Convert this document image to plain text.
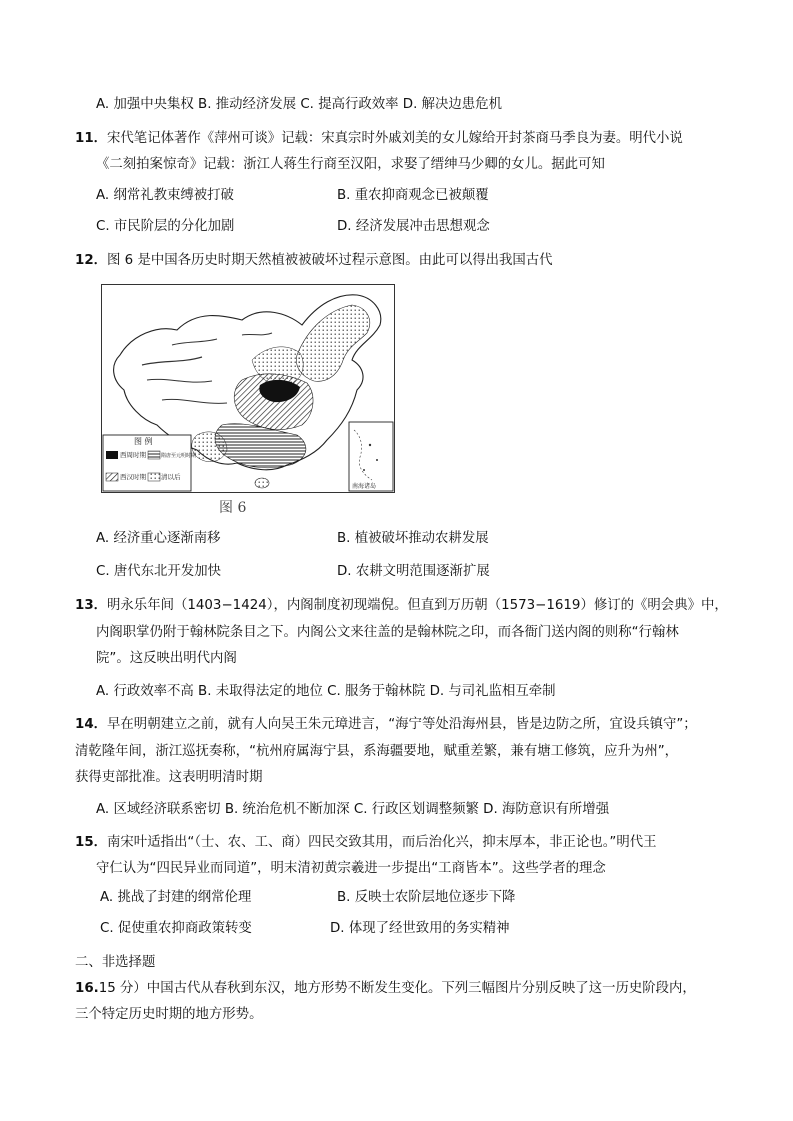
A. 加强中央集权 B. 推动经济发展 C. 提高行政效率 D. 解决边患危机
11．宋代笔记体著作《萍州可谈》记载：宋真宗时外戚刘美的女儿嫁给开封茶商马季良为妻。明代小说
《二刻拍案惊奇》记载：浙江人蒋生行商至汉阳，求娶了缙绅马少卿的女儿。据此可知
A. 纲常礼教束缚被打破	B. 重农抑商观念已被颠覆
C. 市民阶层的分化加剧	D. 经济发展冲击思想观念
12．图 6 是中国各历史时期天然植被被破坏过程示意图。由此可以得出我国古代
南海诸岛
图 例
西周时期
西汉时期
隋唐至元明时期
清以后
图 6
A. 经济重心逐渐南移	B. 植被破坏推动农耕发展
C. 唐代东北开发加快	D. 农耕文明范围逐渐扩展
13．明永乐年间（1403−1424），内阁制度初现端倪。但直到万历朝（1573−1619）修订的《明会典》中，
内阁职掌仍附于翰林院条目之下。内阁公文来往盖的是翰林院之印，而各衙门送内阁的则称“行翰林
院”。这反映出明代内阁
A. 行政效率不高 B. 未取得法定的地位 C. 服务于翰林院 D. 与司礼监相互牵制
14．早在明朝建立之前，就有人向吴王朱元璋进言，“海宁等处沿海州县，皆是边防之所，宜设兵镇守”；
清乾隆年间，浙江巡抚奏称，“杭州府属海宁县，系海疆要地，赋重差繁，兼有塘工修筑，应升为州”，
获得吏部批准。这表明明清时期
A. 区域经济联系密切 B. 统治危机不断加深 C. 行政区划调整频繁 D. 海防意识有所增强
15．南宋叶适指出“（士、农、工、商）四民交致其用，而后治化兴，抑末厚本，非正论也。”明代王
守仁认为“四民异业而同道”，明末清初黄宗羲进一步提出“工商皆本”。这些学者的理念
A. 挑战了封建的纲常伦理	B. 反映士农阶层地位逐步下降
C. 促使重农抑商政策转变	D. 体现了经世致用的务实精神
二、非选择题
16.15 分）中国古代从春秋到东汉，地方形势不断发生变化。下列三幅图片分别反映了这一历史阶段内，
三个特定历史时期的地方形势。
